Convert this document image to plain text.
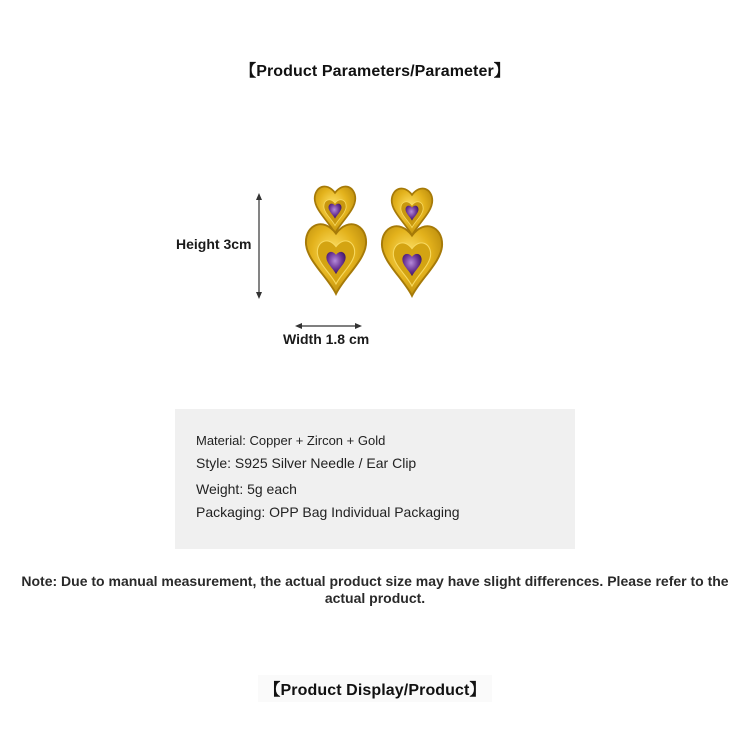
【Product Parameters/Parameter】
Height 3cm
Width 1.8 cm
Material: Copper + Zircon + Gold
Style: S925 Silver Needle / Ear Clip
Weight: 5g each
Packaging: OPP Bag Individual Packaging
Note: Due to manual measurement, the actual product size may have slight differences. Please refer to the actual product.
【Product Display/Product】
